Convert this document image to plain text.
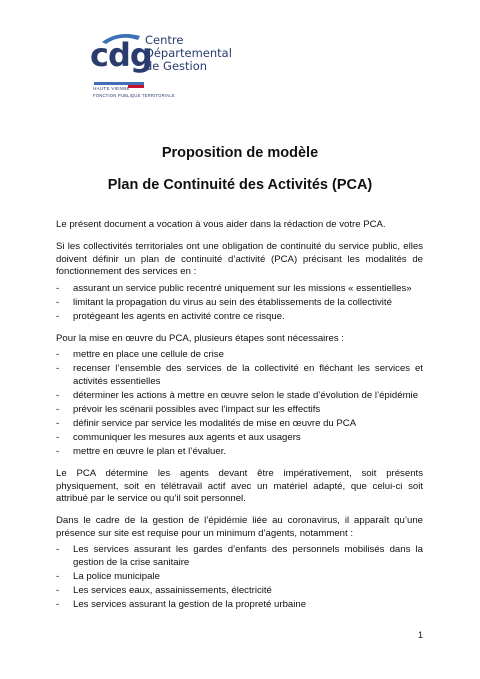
cdg
Centre
Départemental
de Gestion
HAUTE VIENNE
FONCTION PUBLIQUE TERRITORIALE
Proposition de modèle
Plan de Continuité des Activités (PCA)

Le présent document a vocation à vous aider dans la rédaction de votre PCA.

Si les collectivités territoriales ont une obligation de continuité du service public, elles doivent définir un plan de continuité d’activité (PCA) précisant les modalités de fonctionnement des services en :

- assurant un service public recentré uniquement sur les missions « essentielles»
- limitant la propagation du virus au sein des établissements de la collectivité
- protégeant les agents en activité contre ce risque.

Pour la mise en œuvre du PCA, plusieurs étapes sont nécessaires :

- mettre en place une cellule de crise
- recenser l’ensemble des services de la collectivité en fléchant les services et activités essentielles
- déterminer les actions à mettre en œuvre selon le stade d’évolution de l’épidémie
- prévoir les scénarii possibles avec l’impact sur les effectifs
- définir service par service les modalités de mise en œuvre du PCA
- communiquer les mesures aux agents et aux usagers
- mettre en œuvre le plan et l’évaluer.

Le PCA détermine les agents devant être impérativement, soit présents physiquement, soit en télétravail actif avec un matériel adapté, que celui-ci soit attribué par le service ou qu’il soit personnel.

Dans le cadre de la gestion de l’épidémie liée au coronavirus, il apparaît qu’une présence sur site est requise pour un minimum d’agents, notamment :

- Les services assurant les gardes d’enfants des personnels mobilisés dans la gestion de la crise sanitaire
- La police municipale
- Les services eaux, assainissements, électricité
- Les services assurant la gestion de la propreté urbaine
1
